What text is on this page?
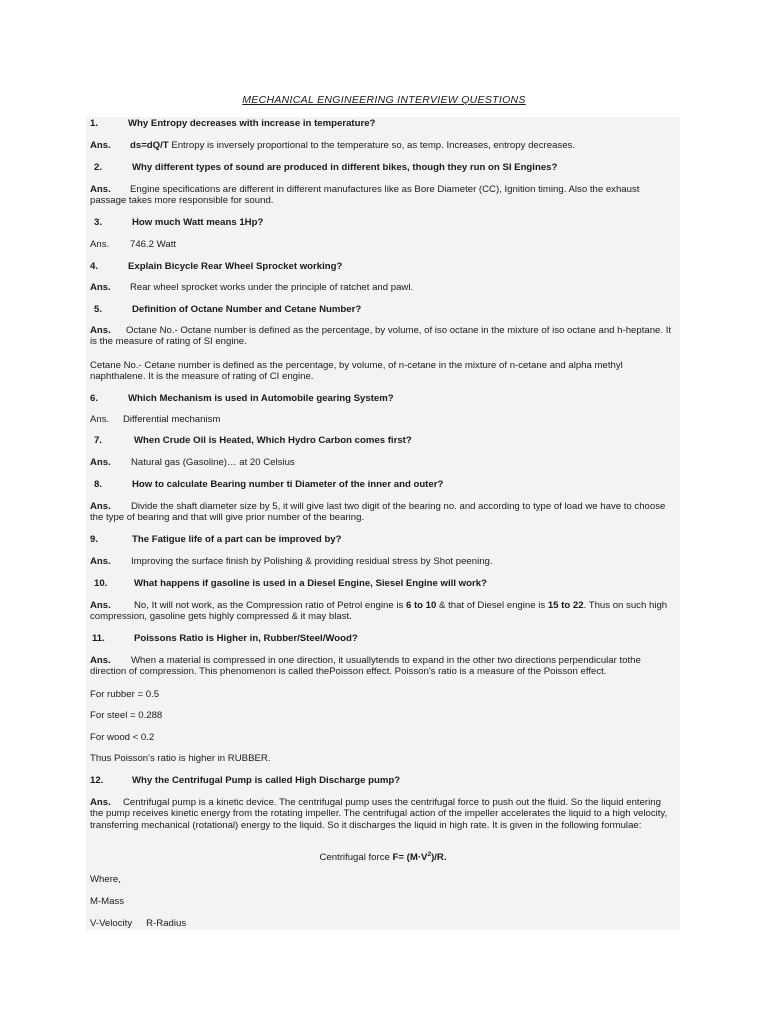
MECHANICAL ENGINEERING INTERVIEW QUESTIONS
1.	Why Entropy decreases with increase in temperature?
Ans. ds=dQ/T Entropy is inversely proportional to the temperature so, as temp. Increases, entropy decreases.
2.	Why different types of sound are produced in different bikes, though they run on SI Engines?
Ans. Engine specifications are different in different manufactures like as Bore Diameter (CC), Ignition timing. Also the exhaust passage takes more responsible for sound.
3.	How much Watt means 1Hp?
Ans. 746.2 Watt
4.	Explain Bicycle Rear Wheel Sprocket working?
Ans. Rear wheel sprocket works under the principle of ratchet and pawl.
5.	Definition of Octane Number and Cetane Number?
Ans. Octane No.- Octane number is defined as the percentage, by volume, of iso octane in the mixture of iso octane and h-heptane. It is the measure of rating of SI engine.
Cetane No.- Cetane number is defined as the percentage, by volume, of n-cetane in the mixture of n-cetane and alpha methyl naphthalene. It is the measure of rating of CI engine.
6.	Which Mechanism is used in Automobile gearing System?
Ans. Differential mechanism
7.	When Crude Oil is Heated, Which Hydro Carbon comes first?
Ans. Natural gas (Gasoline)… at 20 Celsius
8.	How to calculate Bearing number ti Diameter of the inner and outer?
Ans. Divide the shaft diameter size by 5, it will give last two digit of the bearing no. and according to type of load we have to choose the type of bearing and that will give prior number of the bearing.
9.	The Fatigue life of a part can be improved by?
Ans. Improving the surface finish by Polishing & providing residual stress by Shot peening.
10.	What happens if gasoline is used in a Diesel Engine, Siesel Engine will work?
Ans. No, It will not work, as the Compression ratio of Petrol engine is 6 to 10 & that of Diesel engine is 15 to 22. Thus on such high compression, gasoline gets highly compressed & it may blast.
11.	Poissons Ratio is Higher in, Rubber/Steel/Wood?
Ans. When a material is compressed in one direction, it usuallytends to expand in the other two directions perpendicular tothe direction of compression. This phenomenon is called thePoisson effect. Poisson's ratio is a measure of the Poisson effect.
For rubber = 0.5
For steel = 0.288
For wood < 0.2
Thus Poisson's ratio is higher in RUBBER.
12.	Why the Centrifugal Pump is called High Discharge pump?
Ans. Centrifugal pump is a kinetic device. The centrifugal pump uses the centrifugal force to push out the fluid. So the liquid entering the pump receives kinetic energy from the rotating impeller. The centrifugal action of the impeller accelerates the liquid to a high velocity, transferring mechanical (rotational) energy to the liquid. So it discharges the liquid in high rate. It is given in the following formulae:
Centrifugal force $F= (M\cdot V^2)/R$.
Where,
M-Mass
V-Velocity R-Radius
